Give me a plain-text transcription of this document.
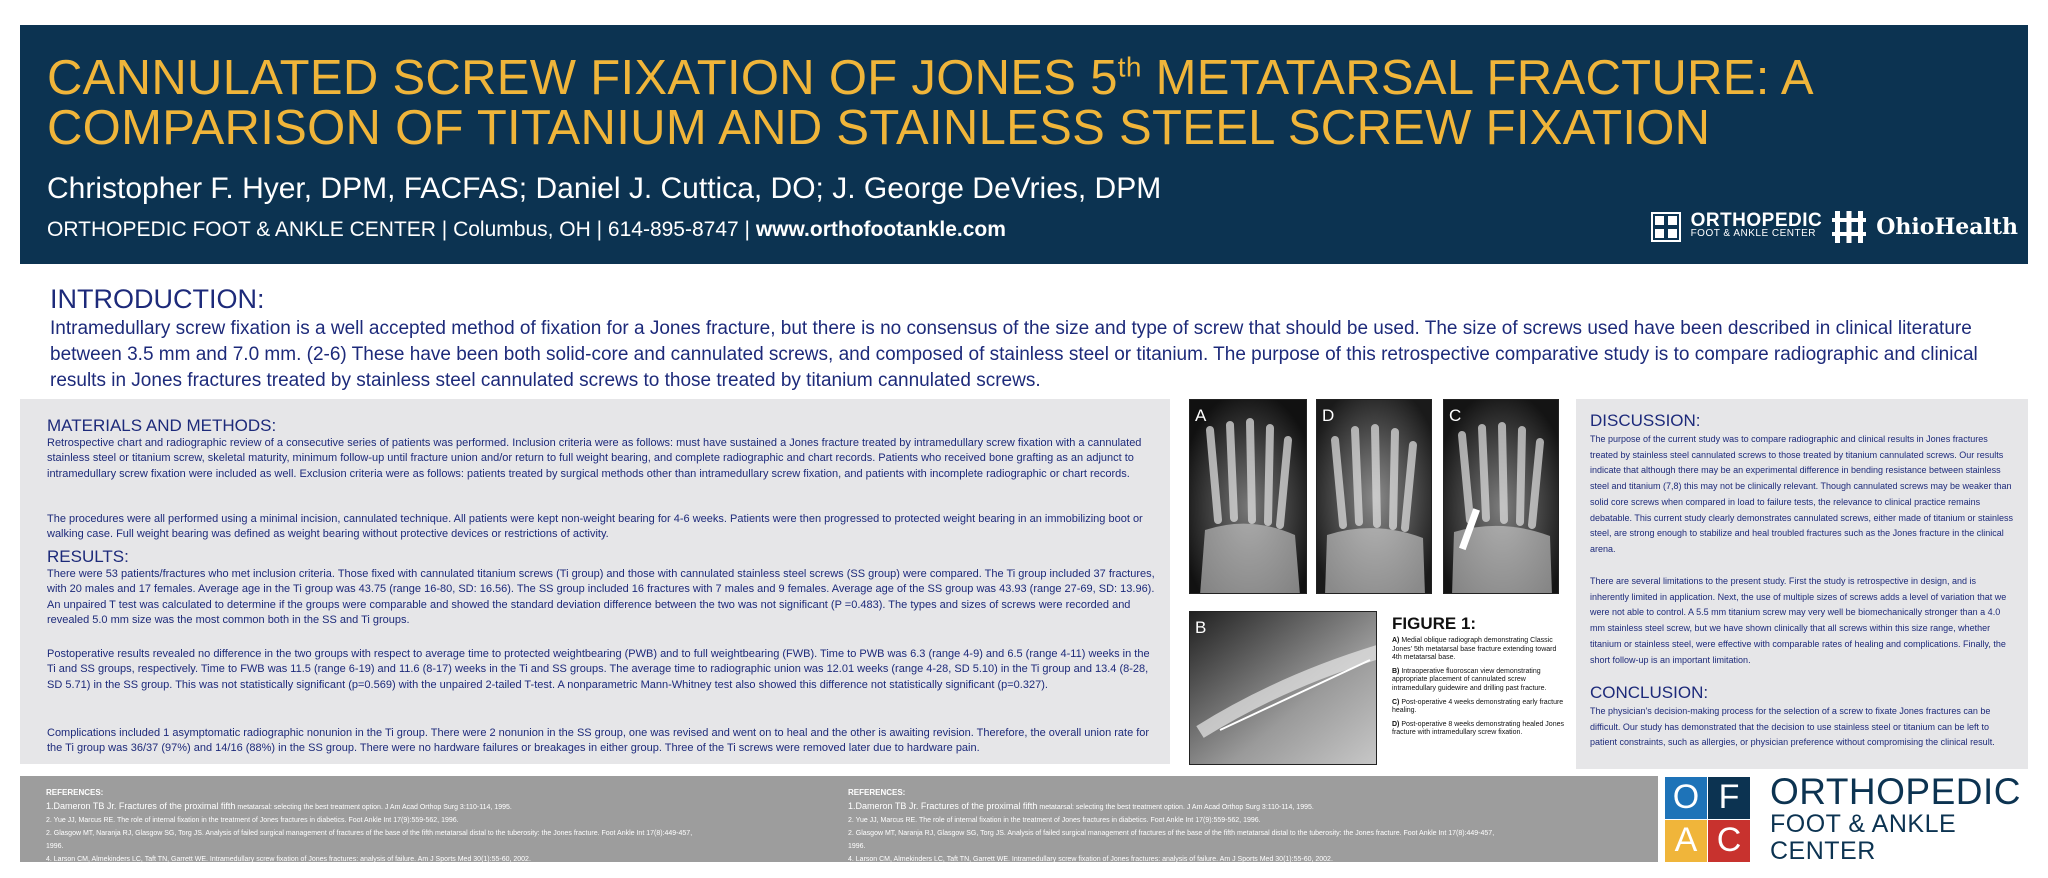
CANNULATED SCREW FIXATION OF JONES 5th METATARSAL FRACTURE: A
COMPARISON OF TITANIUM AND STAINLESS STEEL SCREW FIXATION
Christopher F. Hyer, DPM, FACFAS; Daniel J. Cuttica, DO; J. George DeVries, DPM
ORTHOPEDIC FOOT & ANKLE CENTER | Columbus, OH | 614-895-8747 | www.orthofootankle.com	ORTHOPEDIC
FOOT & ANKLE CENTER	OhioHealth
INTRODUCTION:
Intramedullary screw fixation is a well accepted method of fixation for a Jones fracture, but there is no consensus of the size and type of screw that should be used. The size of screws used have been described in clinical literature between 3.5 mm and 7.0 mm. (2-6) These have been both solid-core and cannulated screws, and composed of stainless steel or titanium. The purpose of this retrospective comparative study is to compare radiographic and clinical results in Jones fractures treated by stainless steel cannulated screws to those treated by titanium cannulated screws.
MATERIALS AND METHODS:
Retrospective chart and radiographic review of a consecutive series of patients was performed. Inclusion criteria were as follows: must have sustained a Jones fracture treated by intramedullary screw fixation with a cannulated stainless steel or titanium screw, skeletal maturity, minimum follow-up until fracture union and/or return to full weight bearing, and complete radiographic and chart records. Patients who received bone grafting as an adjunct to intramedullary screw fixation were included as well. Exclusion criteria were as follows: patients treated by surgical methods other than intramedullary screw fixation, and patients with incomplete radiographic or chart records.
The procedures were all performed using a minimal incision, cannulated technique. All patients were kept non-weight bearing for 4-6 weeks. Patients were then progressed to protected weight bearing in an immobilizing boot or walking case. Full weight bearing was defined as weight bearing without protective devices or restrictions of activity.
RESULTS:
There were 53 patients/fractures who met inclusion criteria. Those fixed with cannulated titanium screws (Ti group) and those with cannulated stainless steel screws (SS group) were compared. The Ti group included 37 fractures, with 20 males and 17 females. Average age in the Ti group was 43.75 (range 16-80, SD: 16.56). The SS group included 16 fractures with 7 males and 9 females. Average age of the SS group was 43.93 (range 27-69, SD: 13.96). An unpaired T test was calculated to determine if the groups were comparable and showed the standard deviation difference between the two was not significant (P =0.483). The types and sizes of screws were recorded and revealed 5.0 mm size was the most common both in the SS and Ti groups.
Postoperative results revealed no difference in the two groups with respect to average time to protected weightbearing (PWB) and to full weightbearing (FWB). Time to PWB was 6.3 (range 4-9) and 6.5 (range 4-11) weeks in the Ti and SS groups, respectively. Time to FWB was 11.5 (range 6-19) and 11.6 (8-17) weeks in the Ti and SS groups. The average time to radiographic union was 12.01 weeks (range 4-28, SD 5.10) in the Ti group and 13.4 (8-28, SD 5.71) in the SS group. This was not statistically significant (p=0.569) with the unpaired 2-tailed T-test. A nonparametric Mann-Whitney test also showed this difference not statistically significant (p=0.327).
Complications included 1 asymptomatic radiographic nonunion in the Ti group. There were 2 nonunion in the SS group, one was revised and went on to heal and the other is awaiting revision. Therefore, the overall union rate for the Ti group was 36/37 (97%) and 14/16 (88%) in the SS group. There were no hardware failures or breakages in either group. Three of the Ti screws were removed later due to hardware pain.
A	D	C
B	FIGURE 1:
A) Medial oblique radiograph demonstrating Classic Jones' 5th metatarsal base fracture extending toward 4th metatarsal base.
B) Intraoperative fluoroscan view demonstrating appropriate placement of cannulated screw intramedullary guidewire and drilling past fracture.
C) Post-operative 4 weeks demonstrating early fracture healing.
D) Post-operative 8 weeks demonstrating healed Jones fracture with intramedullary screw fixation.
DISCUSSION:
The purpose of the current study was to compare radiographic and clinical results in Jones fractures treated by stainless steel cannulated screws to those treated by titanium cannulated screws. Our results indicate that although there may be an experimental difference in bending resistance between stainless steel and titanium (7,8) this may not be clinically relevant. Though cannulated screws may be weaker than solid core screws when compared in load to failure tests, the relevance to clinical practice remains debatable. This current study clearly demonstrates cannulated screws, either made of titanium or stainless steel, are strong enough to stabilize and heal troubled fractures such as the Jones fracture in the clinical arena.
There are several limitations to the present study. First the study is retrospective in design, and is inherently limited in application. Next, the use of multiple sizes of screws adds a level of variation that we were not able to control. A 5.5 mm titanium screw may very well be biomechanically stronger than a 4.0 mm stainless steel screw, but we have shown clinically that all screws within this size range, whether titanium or stainless steel, were effective with comparable rates of healing and complications. Finally, the short follow-up is an important limitation.
CONCLUSION:
The physician's decision-making process for the selection of a screw to fixate Jones fractures can be difficult. Our study has demonstrated that the decision to use stainless steel or titanium can be left to patient constraints, such as allergies, or physician preference without compromising the clinical result.
REFERENCES:
1.Dameron TB Jr. Fractures of the proximal fifth metatarsal: selecting the best treatment option. J Am Acad Orthop Surg 3:110-114, 1995.
2. Yue JJ, Marcus RE. The role of internal fixation in the treatment of Jones fractures in diabetics. Foot Ankle Int 17(9):559-562, 1996.
2. Glasgow MT, Naranja RJ, Glasgow SG, Torg JS. Analysis of failed surgical management of fractures of the base of the fifth metatarsal distal to the tuberosity: the Jones fracture. Foot Ankle Int 17(8):449-457,
1996.
4. Larson CM, Almekinders LC, Taft TN, Garrett WE. Intramedullary screw fixation of Jones fractures: analysis of failure. Am J Sports Med 30(1):55-60, 2002.
REFERENCES:
1.Dameron TB Jr. Fractures of the proximal fifth metatarsal: selecting the best treatment option. J Am Acad Orthop Surg 3:110-114, 1995.
2. Yue JJ, Marcus RE. The role of internal fixation in the treatment of Jones fractures in diabetics. Foot Ankle Int 17(9):559-562, 1996.
2. Glasgow MT, Naranja RJ, Glasgow SG, Torg JS. Analysis of failed surgical management of fractures of the base of the fifth metatarsal distal to the tuberosity: the Jones fracture. Foot Ankle Int 17(8):449-457,
1996.
4. Larson CM, Almekinders LC, Taft TN, Garrett WE. Intramedullary screw fixation of Jones fractures: analysis of failure. Am J Sports Med 30(1):55-60, 2002.
O F
A C
ORTHOPEDIC
FOOT & ANKLE CENTER
